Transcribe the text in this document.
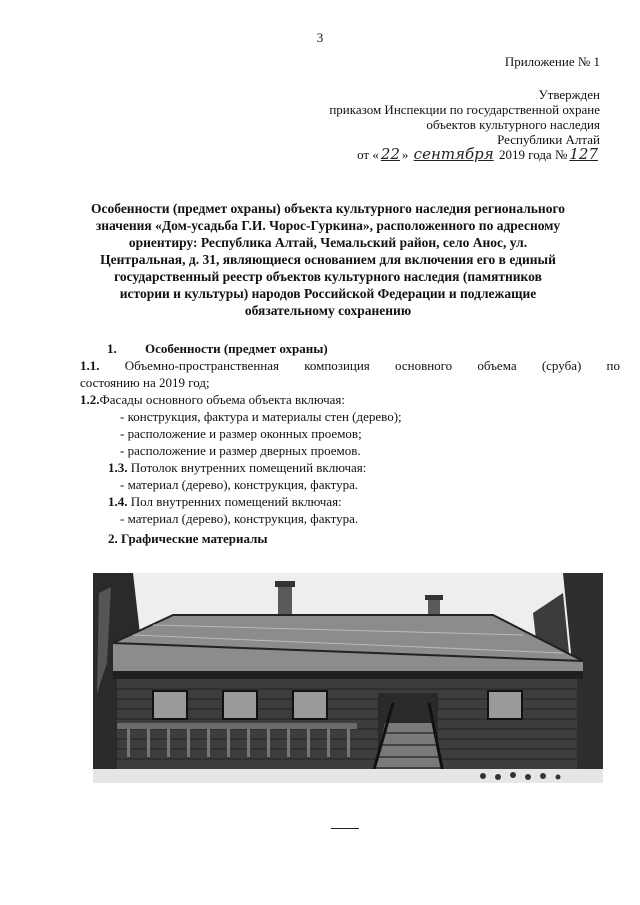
3
Приложение № 1
Утвержден
приказом Инспекции по государственной охране
объектов культурного наследия
Республики Алтай
от « 22 » сентября 2019 года № 127
Особенности (предмет охраны) объекта культурного наследия регионального
значения «Дом-усадьба Г.И. Чорос-Гуркина», расположенного по адресному
ориентиру: Республика Алтай, Чемальский район, село Анос, ул.
Центральная, д. 31, являющиеся основанием для включения его в единый
государственный реестр объектов культурного наследия (памятников
истории и культуры) народов Российской Федерации и подлежащие
обязательному сохранению
1. Особенности (предмет охраны)
1.1. Объемно-пространственная композиция основного объема (сруба) по
состоянию на 2019 год;
1.2.Фасады основного объема объекта включая:
- конструкция, фактура и материалы стен (дерево);
- расположение и размер оконных проемов;
- расположение и размер дверных проемов.
1.3. Потолок внутренних помещений включая:
- материал (дерево), конструкция, фактура.
1.4. Пол внутренних помещений включая:
- материал (дерево), конструкция, фактура.
2. Графические материалы
